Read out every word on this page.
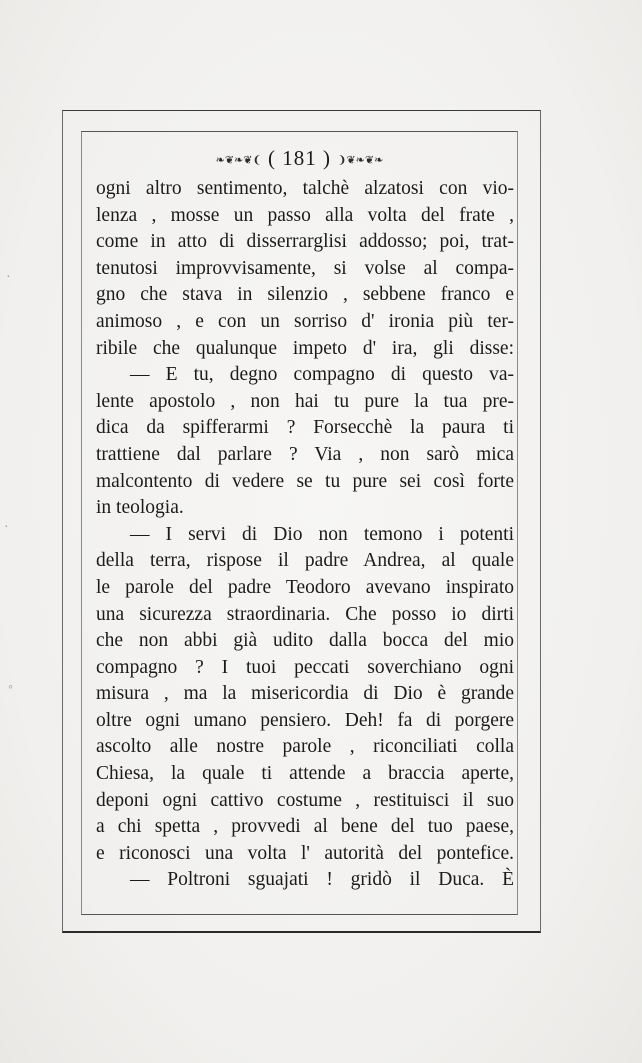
·
·
◦
❧❦❧❦❨ ( 181 ) ❩❦❧❦❧
ogni altro sentimento, talchè alzatosi con vio-
lenza , mosse un passo alla volta del frate ,
come in atto di disserrarglisi addosso; poi, trat-
tenutosi improvvisamente, si volse al compa-
gno che stava in silenzio , sebbene franco e
animoso , e con un sorriso d' ironia più ter-
ribile che qualunque impeto d' ira, gli disse:
— E tu, degno compagno di questo va-
lente apostolo , non hai tu pure la tua pre-
dica da spifferarmi ? Forsecchè la paura ti
trattiene dal parlare ? Via , non sarò mica
malcontento di vedere se tu pure sei così forte
in teologia.
— I servi di Dio non temono i potenti
della terra, rispose il padre Andrea, al quale
le parole del padre Teodoro avevano inspirato
una sicurezza straordinaria. Che posso io dirti
che non abbi già udito dalla bocca del mio
compagno ? I tuoi peccati soverchiano ogni
misura , ma la misericordia di Dio è grande
oltre ogni umano pensiero. Deh! fa di porgere
ascolto alle nostre parole , riconciliati colla
Chiesa, la quale ti attende a braccia aperte,
deponi ogni cattivo costume , restituisci il suo
a chi spetta , provvedi al bene del tuo paese,
e riconosci una volta l' autorità del pontefice.
— Poltroni sguajati ! gridò il Duca. È
